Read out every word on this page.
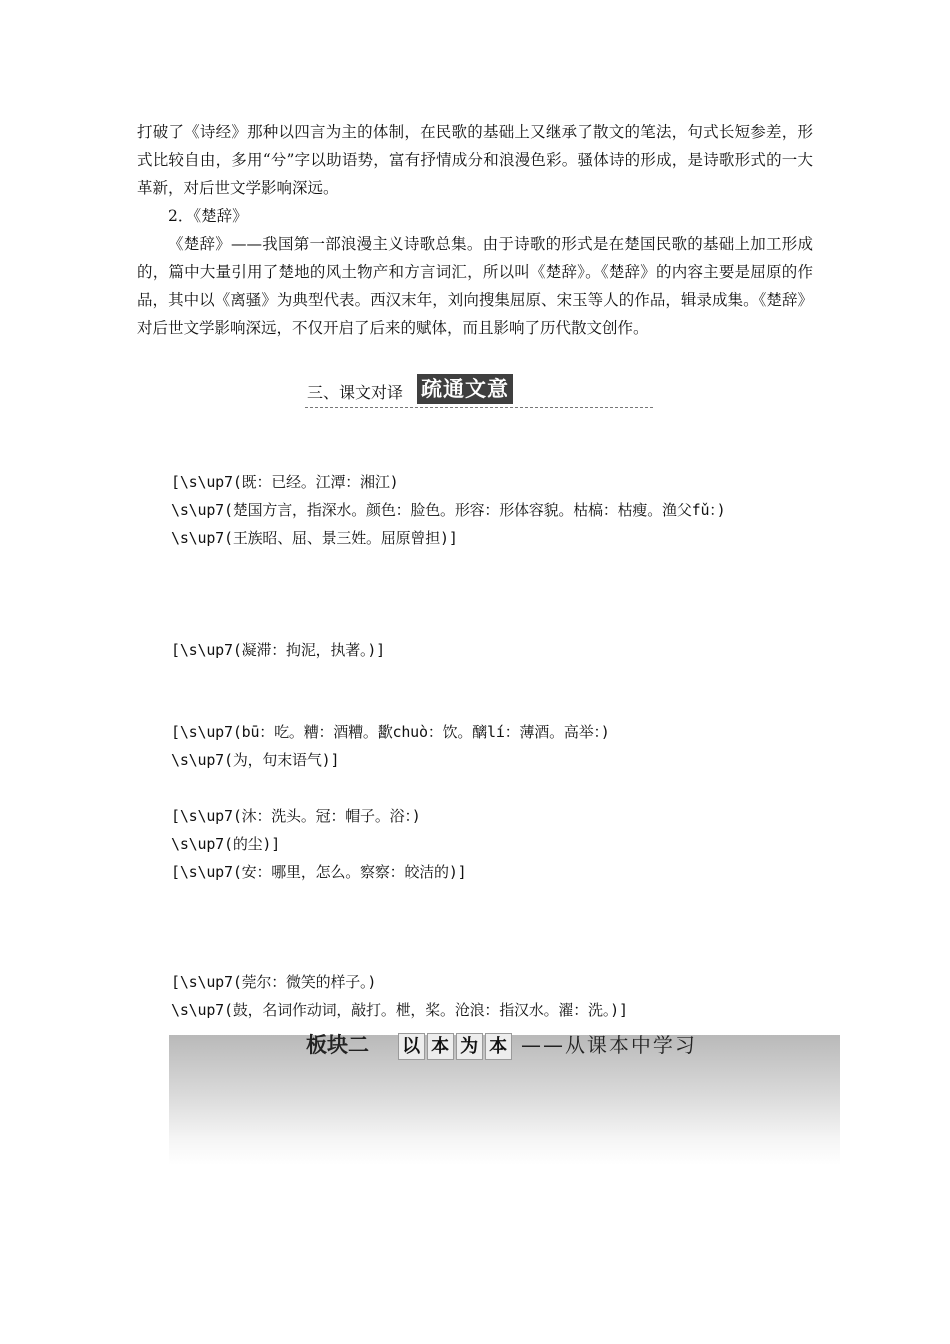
打破了《诗经》那种以四言为主的体制，在民歌的基础上又继承了散文的笔法，句式长短参差，形式比较自由，多用“兮”字以助语势，富有抒情成分和浪漫色彩。骚体诗的形成，是诗歌形式的一大革新，对后世文学影响深远。

2．《楚辞》

《楚辞》——我国第一部浪漫主义诗歌总集。由于诗歌的形式是在楚国民歌的基础上加工形成的，篇中大量引用了楚地的风土物产和方言词汇，所以叫《楚辞》。《楚辞》的内容主要是屈原的作品，其中以《离骚》为典型代表。西汉末年，刘向搜集屈原、宋玉等人的作品，辑录成集。《楚辞》对后世文学影响深远，不仅开启了后来的赋体，而且影响了历代散文创作。

三、课文对译 疏通文意
[\s\up7(既：已经。江潭：湘江)
\s\up7(楚国方言，指深水。颜色：脸色。形容：形体容貌。枯槁：枯瘦。渔父fǔ：)
\s\up7(王族昭、屈、景三姓。屈原曾担)]
[\s\up7(凝滞：拘泥，执著。)]
[\s\up7(bū：吃。糟：酒糟。歠chuò：饮。醨lí：薄酒。高举：)
\s\up7(为，句末语气)]
[\s\up7(沐：洗头。冠：帽子。浴：)
\s\up7(的尘)]
[\s\up7(安：哪里，怎么。察察：皎洁的)]
[\s\up7(莞尔：微笑的样子。)
\s\up7(鼓，名词作动词，敲打。枻，桨。沧浪：指汉水。濯：洗。)]
板块二 以 本 为 本 ——从课本中学习
